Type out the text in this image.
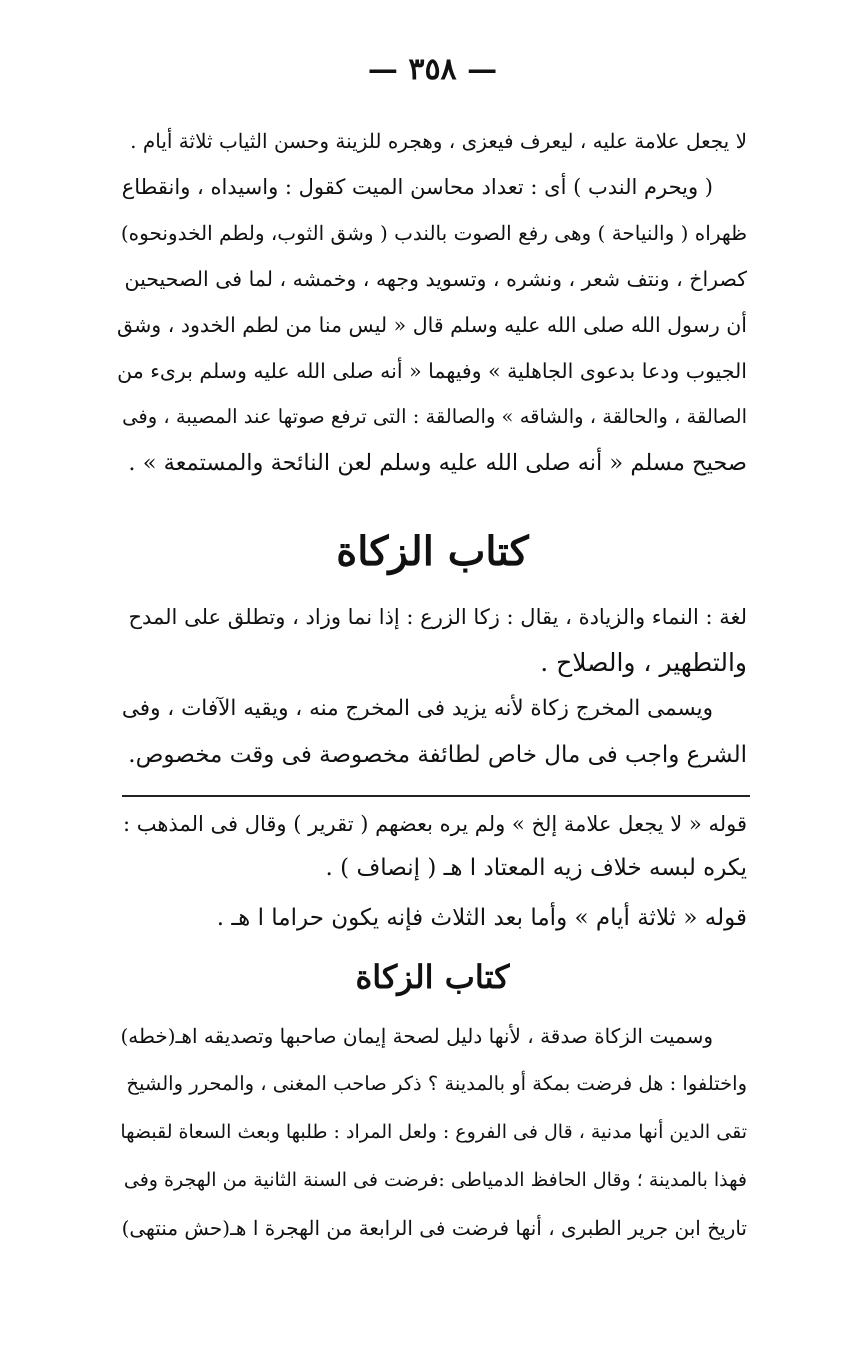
— ٣٥٨ —
لا يجعل علامة عليه ، ليعرف فيعزى ، وهجره للزينة وحسن الثياب ثلاثة أيام .
( ويحرم الندب ) أى : تعداد محاسن الميت كقول : واسيداه ، وانقطاع
ظهراه ( والنياحة ) وهى رفع الصوت بالندب ( وشق الثوب، ولطم الخدونحوه)
كصراخ ، ونتف شعر ، ونشره ، وتسويد وجهه ، وخمشه ، لما فى الصحيحين
أن رسول الله صلى الله عليه وسلم قال « ليس منا من لطم الخدود ، وشق
الجيوب ودعا بدعوى الجاهلية » وفيهما « أنه صلى الله عليه وسلم برىء من
الصالقة ، والحالقة ، والشاقه » والصالقة : التى ترفع صوتها عند المصيبة ، وفى
صحيح مسلم « أنه صلى الله عليه وسلم لعن النائحة والمستمعة » .
كتاب الزكاة
لغة : النماء والزيادة ، يقال : زكا الزرع : إذا نما وزاد ، وتطلق على المدح
والتطهير ، والصلاح .
ويسمى المخرج زكاة لأنه يزيد فى المخرج منه ، ويقيه الآفات ، وفى
الشرع واجب فى مال خاص لطائفة مخصوصة فى وقت مخصوص.
قوله « لا يجعل علامة إلخ » ولم يره بعضهم ( تقرير ) وقال فى المذهب :
يكره لبسه خلاف زيه المعتاد ا هـ ( إنصاف ) .
قوله « ثلاثة أيام » وأما بعد الثلاث فإنه يكون حراما ا هـ .
كتاب الزكاة
وسميت الزكاة صدقة ، لأنها دليل لصحة إيمان صاحبها وتصديقه اهـ(خطه)
واختلفوا : هل فرضت بمكة أو بالمدينة ؟ ذكر صاحب المغنى ، والمحرر والشيخ
تقى الدين أنها مدنية ، قال فى الفروع : ولعل المراد : طلبها وبعث السعاة لقبضها
فهذا بالمدينة ؛ وقال الحافظ الدمياطى :فرضت فى السنة الثانية من الهجرة وفى
تاريخ ابن جرير الطبرى ، أنها فرضت فى الرابعة من الهجرة ا هـ(حش منتهى)
